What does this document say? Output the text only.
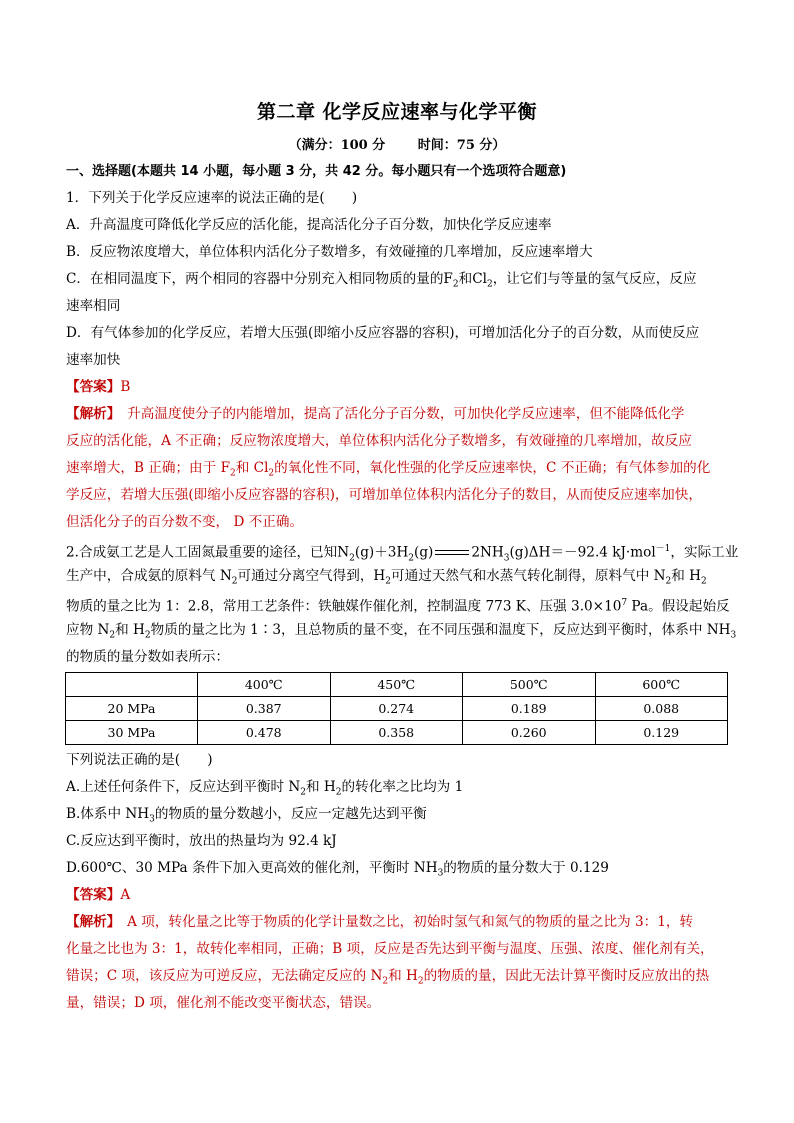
第二章 化学反应速率与化学平衡
（满分：100 分	时间：75 分）
一、选择题(本题共 14 小题，每小题 3 分，共 42 分。每小题只有一个选项符合题意)
1．下列关于化学反应速率的说法正确的是(　　)
A．升高温度可降低化学反应的活化能，提高活化分子百分数，加快化学反应速率
B．反应物浓度增大，单位体积内活化分子数增多，有效碰撞的几率增加，反应速率增大
C．在相同温度下，两个相同的容器中分别充入相同物质的量的$F_2$和$Cl_2$，让它们与等量的氢气反应，反应
速率相同
D．有气体参加的化学反应，若增大压强(即缩小反应容器的容积)，可增加活化分子的百分数，从而使反应
速率加快
【答案】B
【解析】　升高温度使分子的内能增加，提高了活化分子百分数，可加快化学反应速率，但不能降低化学
反应的活化能，A 不正确；反应物浓度增大，单位体积内活化分子数增多，有效碰撞的几率增加，故反应
速率增大，B 正确；由于 $F_2$和 $Cl_2$的氧化性不同，氧化性强的化学反应速率快，C 不正确；有气体参加的化
学反应，若增大压强(即缩小反应容器的容积)，可增加单位体积内活化分子的数目，从而使反应速率加快，
但活化分子的百分数不变， D 不正确。
2.合成氨工艺是人工固氮最重要的途径，已知$N_2(g)+3H_2(g)$	$2NH_3(g)\Delta H=-92.4$ kJ·mol$^{-1}$，实际工业
生产中，合成氨的原料气 $N_2$可通过分离空气得到，$H_2$可通过天然气和水蒸气转化制得，原料气中 $N_2$和 $H_2$
物质的量之比为 1：2.8，常用工艺条件：铁触媒作催化剂，控制温度 773 K、压强 $3.0\times 10^7$ Pa。假设起始反
应物 $N_2$和 $H_2$物质的量之比为 1∶3，且总物质的量不变，在不同压强和温度下，反应达到平衡时，体系中 $NH_3$
的物质的量分数如表所示：
	400℃	450℃	500℃	600℃
20 MPa	0.387	0.274	0.189	0.088
30 MPa	0.478	0.358	0.260	0.129
下列说法正确的是(　　)
A.上述任何条件下，反应达到平衡时 $N_2$和 $H_2$的转化率之比均为 1
B.体系中 $NH_3$的物质的量分数越小，反应一定越先达到平衡
C.反应达到平衡时，放出的热量均为 92.4 kJ
D.600℃、30 MPa 条件下加入更高效的催化剂，平衡时 $NH_3$的物质的量分数大于 0.129
【答案】A
【解析】　A 项，转化量之比等于物质的化学计量数之比，初始时氢气和氮气的物质的量之比为 3：1，转
化量之比也为 3：1，故转化率相同，正确；B 项，反应是否先达到平衡与温度、压强、浓度、催化剂有关，
错误；C 项，该反应为可逆反应，无法确定反应的 $N_2$和 $H_2$的物质的量，因此无法计算平衡时反应放出的热
量，错误；D 项，催化剂不能改变平衡状态，错误。
